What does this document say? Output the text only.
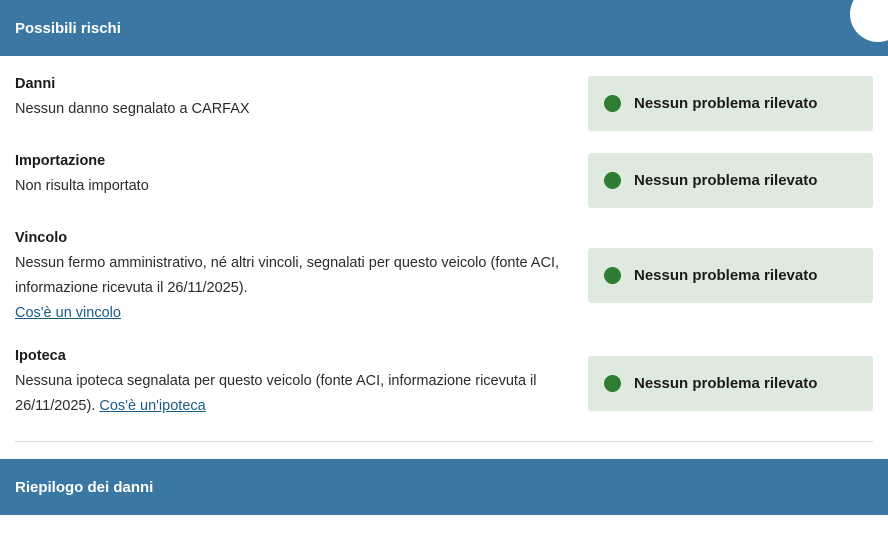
Possibili rischi
Danni
Nessun danno segnalato a CARFAX	Nessun problema rilevato
Importazione
Non risulta importato	Nessun problema rilevato
Vincolo
Nessun fermo amministrativo, né altri vincoli, segnalati per questo veicolo (fonte ACI, informazione ricevuta il 26/11/2025).
Cos'è un vincolo
Nessun problema rilevato
Ipoteca
Nessuna ipoteca segnalata per questo veicolo (fonte ACI, informazione ricevuta il 26/11/2025). Cos'è un'ipoteca
Nessun problema rilevato
Riepilogo dei danni
